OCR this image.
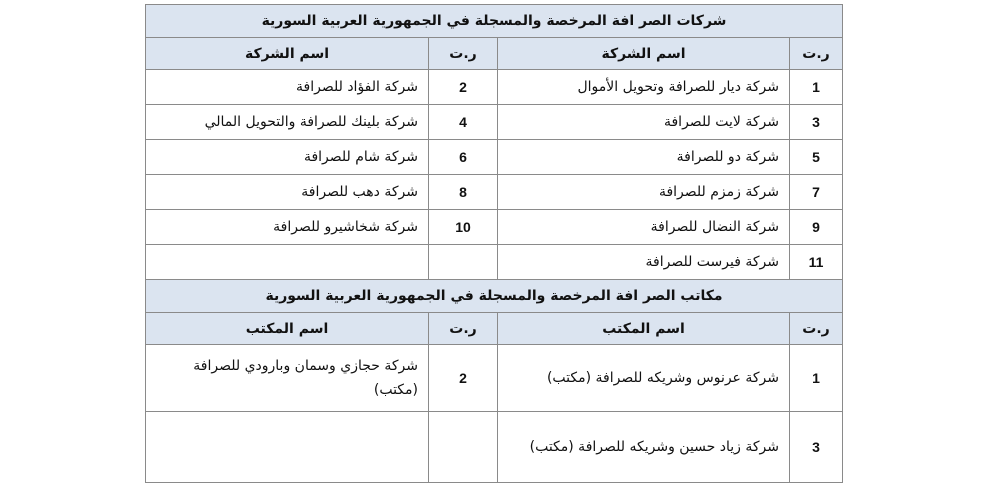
شركات الصر افة المرخصة والمسجلة في الجمهورية العربية السورية			
ر.ت	اسم الشركة	ر.ت	اسم الشركة
1	شركة ديار للصرافة وتحويل الأموال	2	شركة الفؤاد للصرافة
3	شركة لايت للصرافة	4	شركة بلينك للصرافة والتحويل المالي
5	شركة دو للصرافة	6	شركة شام للصرافة
7	شركة زمزم للصرافة	8	شركة دهب للصرافة
9	شركة النضال للصرافة	10	شركة شخاشيرو للصرافة
11	شركة فيرست للصرافة		
مكاتب الصر افة المرخصة والمسجلة في الجمهورية العربية السورية			
ر.ت	اسم المكتب	ر.ت	اسم المكتب
1	شركة عرنوس وشريكه للصرافة (مكتب)	2	شركة حجازي وسمان وبارودي للصرافة (مكتب)
3	شركة زياد حسين وشريكه للصرافة (مكتب)		
